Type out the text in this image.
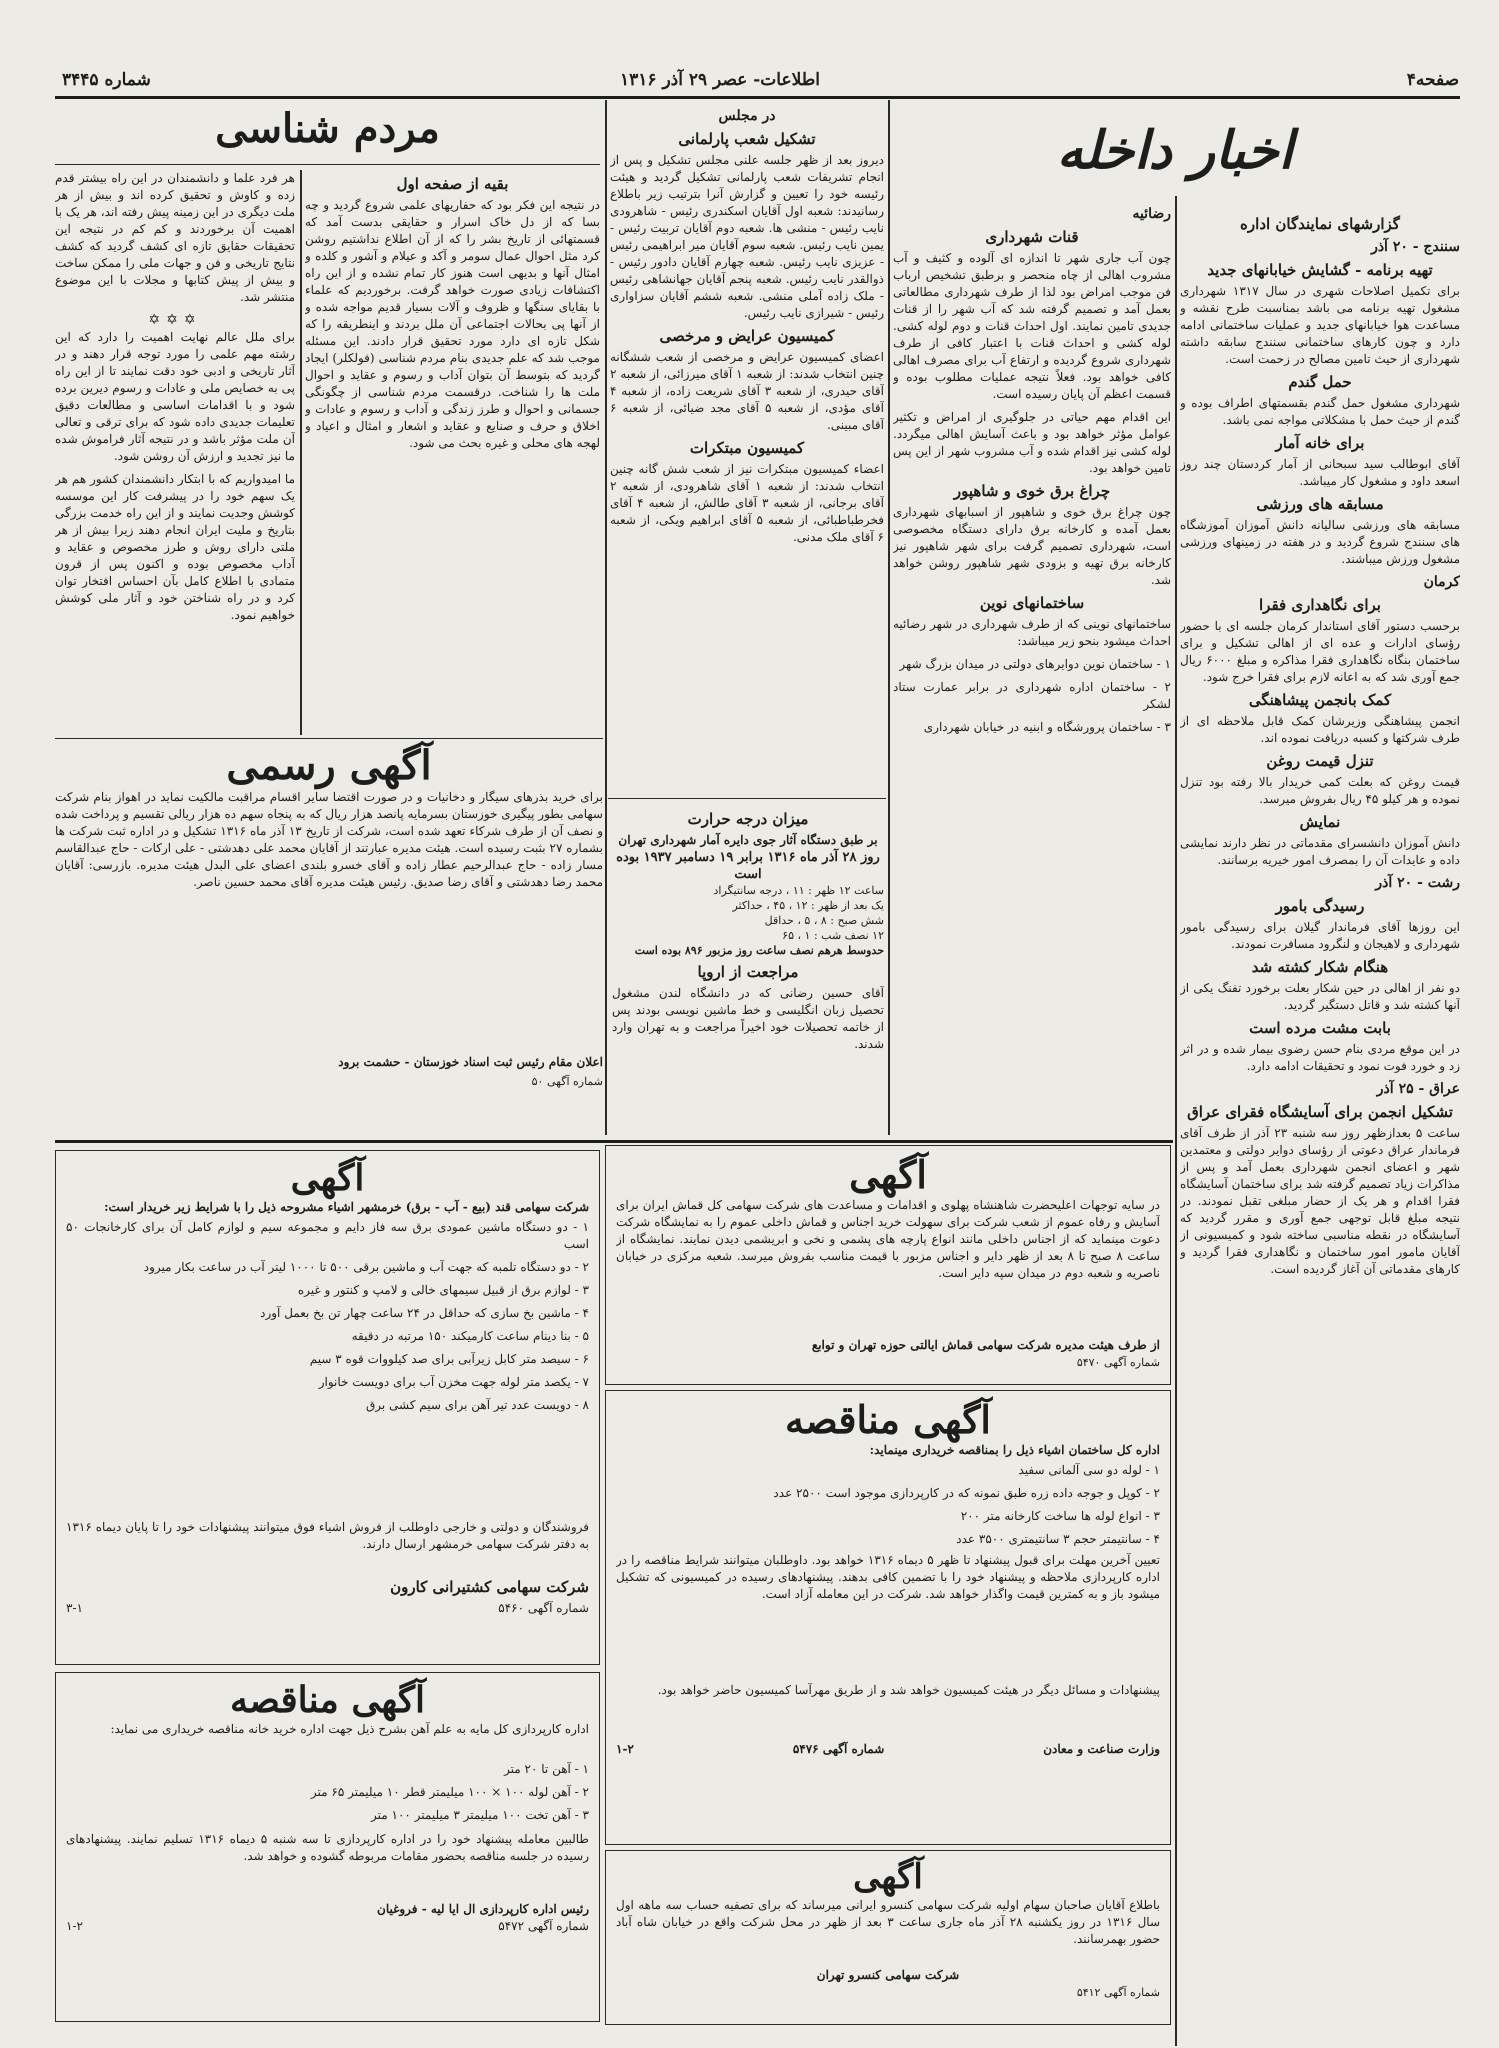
صفحه۴
اطلاعات- عصر ۲۹ آذر ۱۳۱۶
شماره ۳۴۴۵
اخبار داخله
گزارشهای نمایندگان اداره
سنندج - ۲۰ آذر
تهیه برنامه - گشایش خیابانهای جدید

برای تکمیل اصلاحات شهری در سال ۱۳۱۷ شهرداری مشغول تهیه برنامه می باشد بمناسبت طرح نقشه و مساعدت هوا خیابانهای جدید و عملیات ساختمانی ادامه دارد و چون کارهای ساختمانی سنندج سابقه داشته شهرداری از حیث تامین مصالح در زحمت است.

حمل گندم

شهرداری مشغول حمل گندم بقسمتهای اطراف بوده و گندم از حیث حمل با مشکلاتی مواجه نمی باشد.

برای خانه آمار

آقای ابوطالب سید سبحانی از آمار کردستان چند روز اسعد داود و مشغول کار میباشد.

مسابقه های ورزشی

مسابقه های ورزشی سالیانه دانش آموزان آموزشگاه های سنندج شروع گردید و در هفته در زمینهای ورزشی مشغول ورزش میباشند.

کرمان
برای نگاهداری فقرا

برحسب دستور آقای استاندار کرمان جلسه ای با حضور رؤسای ادارات و عده ای از اهالی تشکیل و برای ساختمان بنگاه نگاهداری فقرا مذاکره و مبلغ ۶۰۰۰ ریال جمع آوری شد که به اعانه لازم برای فقرا خرج شود.

کمک بانجمن پیشاهنگی

انجمن پیشاهنگی وزیرشان کمک قابل ملاحظه ای از طرف شرکتها و کسبه دریافت نموده اند.

تنزل قیمت روغن

قیمت روغن که بعلت کمی خریدار بالا رفته بود تنزل نموده و هر کیلو ۴۵ ریال بفروش میرسد.

نمایش

دانش آموزان دانشسرای مقدماتی در نظر دارند نمایشی داده و عایدات آن را بمصرف امور خیریه برسانند.

رشت - ۲۰ آذر
رسیدگی بامور

این روزها آقای فرماندار گیلان برای رسیدگی بامور شهرداری و لاهیجان و لنگرود مسافرت نمودند.

هنگام شکار کشته شد

دو نفر از اهالی در حین شکار بعلت برخورد تفنگ یکی از آنها کشته شد و قاتل دستگیر گردید.

بابت مشت مرده است

در این موقع مردی بنام حسن رضوی بیمار شده و در اثر زد و خورد فوت نمود و تحقیقات ادامه دارد.

عراق - ۲۵ آذر
تشکیل انجمن برای آسایشگاه فقرای عراق

ساعت ۵ بعدازظهر روز سه شنبه ۲۳ آذر از طرف آقای فرماندار عراق دعوتی از رؤسای دوایر دولتی و معتمدین شهر و اعضای انجمن شهرداری بعمل آمد و پس از مذاکرات زیاد تصمیم گرفته شد برای ساختمان آسایشگاه فقرا اقدام و هر یک از حضار مبلغی تقبل نمودند. در نتیجه مبلغ قابل توجهی جمع آوری و مقرر گردید که آسایشگاه در نقطه مناسبی ساخته شود و کمیسیونی از آقایان مامور امور ساختمان و نگاهداری فقرا گردید و کارهای مقدماتی آن آغاز گردیده است.

رضائیه
قنات شهرداری

چون آب جاری شهر تا اندازه ای آلوده و کثیف و آب مشروب اهالی از چاه منحصر و برطبق تشخیص ارباب فن موجب امراض بود لذا از طرف شهرداری مطالعاتی بعمل آمد و تصمیم گرفته شد که آب شهر را از قنات جدیدی تامین نمایند. اول احداث قنات و دوم لوله کشی. لوله کشی و احداث قنات با اعتبار کافی از طرف شهرداری شروع گردیده و ارتفاع آب برای مصرف اهالی کافی خواهد بود. فعلاً نتیجه عملیات مطلوب بوده و قسمت اعظم آن پایان رسیده است.

این اقدام مهم حیاتی در جلوگیری از امراض و تکثیر عوامل مؤثر خواهد بود و باعث آسایش اهالی میگردد. لوله کشی نیز اقدام شده و آب مشروب شهر از این پس تامین خواهد بود.

چراغ برق خوی و شاهپور

چون چراغ برق خوی و شاهپور از اسبابهای شهرداری بعمل آمده و کارخانه برق دارای دستگاه مخصوصی است، شهرداری تصمیم گرفت برای شهر شاهپور نیز کارخانه برق تهیه و بزودی شهر شاهپور روشن خواهد شد.

ساختمانهای نوین

ساختمانهای نوینی که از طرف شهرداری در شهر رضائیه احداث میشود بنحو زیر میباشد:

۱ - ساختمان نوین دوایرهای دولتی در میدان بزرگ شهر

۲ - ساختمان اداره شهرداری در برابر عمارت ستاد لشکر

۳ - ساختمان پرورشگاه و ابنیه در خیابان شهرداری

در مجلس
تشکیل شعب پارلمانی

دیروز بعد از ظهر جلسه علنی مجلس تشکیل و پس از انجام تشریفات شعب پارلمانی تشکیل گردید و هیئت رئیسه خود را تعیین و گزارش آنرا بترتیب زیر باطلاع رسانیدند: شعبه اول آقایان اسکندری رئیس - شاهرودی نایب رئیس - منشی ها. شعبه دوم آقایان تربیت رئیس - یمین نایب رئیس. شعبه سوم آقایان میر ابراهیمی رئیس - عزیزی نایب رئیس. شعبه چهارم آقایان دادور رئیس - ذوالقدر نایب رئیس. شعبه پنجم آقایان جهانشاهی رئیس - ملک زاده آملی منشی. شعبه ششم آقایان سزاواری رئیس - شیرازی نایب رئیس.

کمیسیون عرایض و مرخصی

اعضای کمیسیون عرایض و مرخصی از شعب ششگانه چنین انتخاب شدند: از شعبه ۱ آقای میرزائی، از شعبه ۲ آقای حیدری، از شعبه ۳ آقای شریعت زاده، از شعبه ۴ آقای مؤدی، از شعبه ۵ آقای مجد ضیائی، از شعبه ۶ آقای مبینی.

کمیسیون مبتکرات

اعضاء کمیسیون مبتکرات نیز از شعب شش گانه چنین انتخاب شدند: از شعبه ۱ آقای شاهرودی، از شعبه ۲ آقای برجانی، از شعبه ۳ آقای طالش، از شعبه ۴ آقای فخرطباطبائی، از شعبه ۵ آقای ابراهیم ویکی، از شعبه ۶ آقای ملک مدنی.

میزان درجه حرارت
بر طبق دستگاه آثار جوی دایره آمار شهرداری تهران
روز ۲۸ آذر ماه ۱۳۱۶ برابر ۱۹ دسامبر ۱۹۳۷ بوده است
ساعت ۱۲ ظهر : ۱۱ ، درجه سانتیگراد
یک بعد از ظهر : ۱۲ ، ۴۵ ، حداکثر
شش صبح : ۸ ، ۵ ، حداقل
۱۲ نصف شب : ۱ ، ۶۵
حدوسط هرهم نصف ساعت روز مزبور ۸۹۶ بوده است
مراجعت از اروپا

آقای حسین رضانی که در دانشگاه لندن مشغول تحصیل زبان انگلیسی و خط ماشین نویسی بودند پس از خاتمه تحصیلات خود اخیراً مراجعت و به تهران وارد شدند.

مردم شناسی
بقیه از صفحه اول

در نتیجه این فکر بود که حفاریهای علمی شروع گردید و چه بسا که از دل خاک اسرار و حقایقی بدست آمد که قسمتهائی از تاریخ بشر را که از آن اطلاع نداشتیم روشن کرد مثل احوال عمال سومر و آکد و عیلام و آشور و کلده و امثال آنها و بدیهی است هنوز کار تمام نشده و از این راه اکتشافات زیادی صورت خواهد گرفت. برخوردیم که علماء با بقایای سنگها و ظروف و آلات بسیار قدیم مواجه شده و از آنها پی بحالات اجتماعی آن ملل بردند و اینطریقه را که شکل تازه ای دارد مورد تحقیق قرار دادند. این مسئله موجب شد که علم جدیدی بنام مردم شناسی (فولکلر) ایجاد گردید که بتوسط آن بتوان آداب و رسوم و عقاید و احوال ملت ها را شناخت. درقسمت مردم شناسی از چگونگی جسمانی و احوال و طرز زندگی و آداب و رسوم و عادات و اخلاق و حرف و صنایع و عقاید و اشعار و امثال و اعیاد و لهجه های محلی و غیره بحث می شود.

هر فرد علما و دانشمندان در این راه بیشتر قدم زده و کاوش و تحقیق کرده اند و بیش از هر ملت دیگری در این زمینه پیش رفته اند، هر یک با اهمیت آن برخوردند و کم کم در نتیجه این تحقیقات حقایق تازه ای کشف گردید که کشف نتایج تاریخی و فن و جهات ملی را ممکن ساخت و بیش از پیش کتابها و مجلات با این موضوع منتشر شد.

✡✡✡

برای ملل عالم نهایت اهمیت را دارد که این رشته مهم علمی را مورد توجه قرار دهند و در آثار تاریخی و ادبی خود دقت نمایند تا از این راه پی به خصایص ملی و عادات و رسوم دیرین برده شود و با اقدامات اساسی و مطالعات دقیق تعلیمات جدیدی داده شود که برای ترقی و تعالی آن ملت مؤثر باشد و در نتیجه آثار فراموش شده ما نیز تجدید و ارزش آن روشن شود.

ما امیدواریم که با ابتکار دانشمندان کشور هم هر یک سهم خود را در پیشرفت کار این موسسه کوشش وجدیت نمایند و از این راه خدمت بزرگی بتاریخ و ملیت ایران انجام دهند زیرا بیش از هر ملتی دارای روش و طرز مخصوص و عقاید و آداب مخصوص بوده و اکنون پس از قرون متمادی با اطلاع کامل بآن احساس افتخار توان کرد و در راه شناختن خود و آثار ملی کوشش خواهیم نمود.

آگهی رسمی
برای خرید بذرهای سیگار و دخانیات و در صورت اقتضا سایر اقسام مراقبت مالکیت نماید در اهواز بنام شرکت سهامی بطور پیگیری خوزستان بسرمایه پانصد هزار ریال که به پنجاه سهم ده هزار ریالی تقسیم و پرداخت شده و نصف آن از طرف شرکاء تعهد شده است، شرکت از تاریخ ۱۳ آذر ماه ۱۳۱۶ تشکیل و در اداره ثبت شرکت ها بشماره ۲۷ بثبت رسیده است. هیئت مدیره عبارتند از آقایان محمد علی دهدشتی - علی ارکات - حاج عبدالقاسم مسار زاده - حاج عبدالرحیم عطار زاده و آقای خسرو بلندی اعضای علی البدل هیئت مدیره. بازرسی: آقایان محمد رضا دهدشتی و آقای رضا صدیق. رئیس هیئت مدیره آقای محمد حسین ناصر.
اعلان مقام رئیس ثبت اسناد خوزستان - حشمت برود
شماره آگهی ۵۰
آگهی
در سایه توجهات اعلیحضرت شاهنشاه پهلوی و اقدامات و مساعدت های شرکت سهامی کل قماش ایران برای آسایش و رفاه عموم از شعب شرکت برای سهولت خرید اجناس و قماش داخلی عموم را به نمایشگاه شرکت دعوت مینماید که از اجناس داخلی مانند انواع پارچه های پشمی و نخی و ابریشمی دیدن نمایند. نمایشگاه از ساعت ۸ صبح تا ۸ بعد از ظهر دایر و اجناس مزبور با قیمت مناسب بفروش میرسد. شعبه مرکزی در خیابان ناصریه و شعبه دوم در میدان سپه دایر است.
از طرف هیئت مدیره شرکت سهامی قماش ایالتی حوزه تهران و توابع
شماره آگهی ۵۴۷۰
آگهی
شرکت سهامی قند (بیع - آب - برق) خرمشهر اشیاء مشروحه ذیل را با شرایط زیر خریدار است:

۱ - دو دستگاه ماشین عمودی برق سه فاز دایم و مجموعه سیم و لوازم کامل آن برای کارخانجات ۵۰ اسب

۲ - دو دستگاه تلمبه که جهت آب و ماشین برقی ۵۰۰ تا ۱۰۰۰ لیتر آب در ساعت بکار میرود

۳ - لوازم برق از قبیل سیمهای خالی و لامپ و کنتور و غیره

۴ - ماشین بخ سازی که حداقل در ۲۴ ساعت چهار تن بخ بعمل آورد

۵ - بنا دینام ساعت کارمیکند ۱۵۰ مرتبه در دقیقه

۶ - سیصد متر کابل زیرآبی برای صد کیلووات قوه ۳ سیم

۷ - یکصد متر لوله جهت مخزن آب برای دویست خانوار

۸ - دویست عدد تیر آهن برای سیم کشی برق

فروشندگان و دولتی و خارجی داوطلب از فروش اشیاء فوق میتوانند پیشنهادات خود را تا پایان دیماه ۱۳۱۶ به دفتر شرکت سهامی خرمشهر ارسال دارند.
شرکت سهامی کشتیرانی کارون
شماره آگهی ۵۴۶۰
۳-۱
آگهی مناقصه
اداره کل ساختمان اشیاء ذیل را بمناقصه خریداری مینماید:

۱ - لوله دو سی آلمانی سفید

۲ - کوپل و جوجه داده زره طبق نمونه که در کارپردازی موجود است ۲۵۰۰ عدد

۳ - انواع لوله ها ساخت کارخانه متر ۲۰۰

۴ - سانتیمتر حجم ۳ سانتیمتری ۳۵۰۰ عدد

تعیین آخرین مهلت برای قبول پیشنهاد تا ظهر ۵ دیماه ۱۳۱۶ خواهد بود. داوطلبان میتوانند شرایط مناقصه را در اداره کارپردازی ملاحظه و پیشنهاد خود را با تضمین کافی بدهند. پیشنهادهای رسیده در کمیسیونی که تشکیل میشود باز و به کمترین قیمت واگذار خواهد شد. شرکت در این معامله آزاد است.
پیشنهادات و مسائل دیگر در هیئت کمیسیون خواهد شد و از طریق مهرآسا کمیسیون حاضر خواهد بود.
وزارت صناعت و معادن
شماره آگهی ۵۴۷۶
۱-۲
آگهی مناقصه
اداره کارپردازی کل مایه به علم آهن بشرح ذیل جهت اداره خرید خانه مناقصه خریداری می نماید:

۱ - آهن تا ۲۰ متر

۲ - آهن لوله ۱۰۰ × ۱۰۰ میلیمتر قطر ۱۰ میلیمتر ۶۵ متر

۳ - آهن تخت ۱۰۰ میلیمتر ۳ میلیمتر ۱۰۰ متر

طالبین معامله پیشنهاد خود را در اداره کارپردازی تا سه شنبه ۵ دیماه ۱۳۱۶ تسلیم نمایند. پیشنهادهای رسیده در جلسه مناقصه بحضور مقامات مربوطه گشوده و خواهد شد.
رئیس اداره کارپردازی ال ایا لیه - فروغیان
شماره آگهی ۵۴۷۲
۱-۲
آگهی
باطلاع آقایان صاحبان سهام اولیه شرکت سهامی کنسرو ایرانی میرساند که برای تصفیه حساب سه ماهه اول سال ۱۳۱۶ در روز یکشنبه ۲۸ آذر ماه جاری ساعت ۳ بعد از ظهر در محل شرکت واقع در خیابان شاه آباد حضور بهمرسانند.
شرکت سهامی کنسرو تهران
شماره آگهی ۵۴۱۲
